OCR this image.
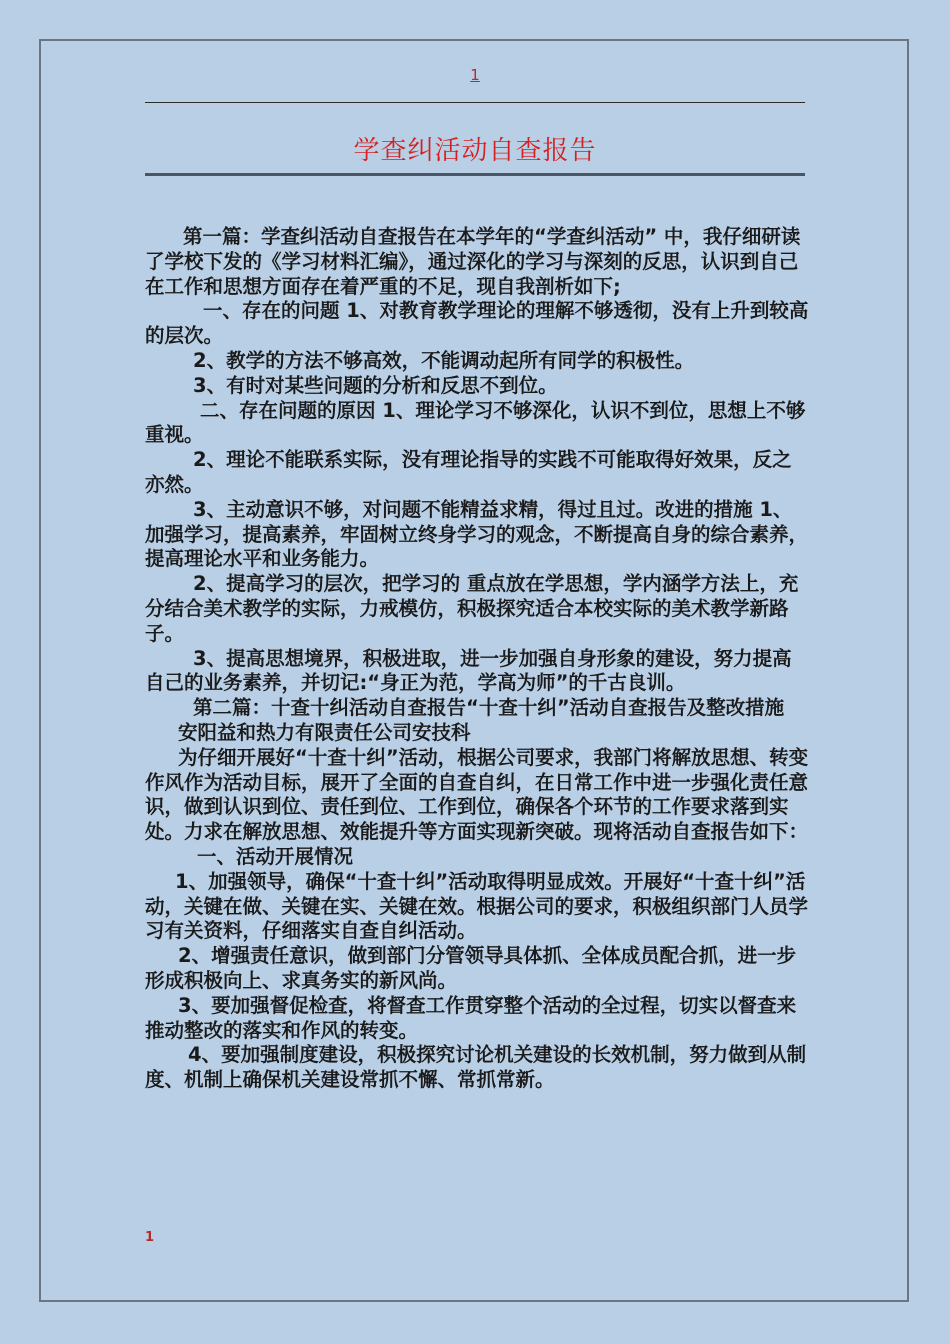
1
学查纠活动自查报告

第一篇：学查纠活动自查报告在本学年的“学查纠活动” 中，我仔细研读了学校下发的《学习材料汇编》，通过深化的学习与深刻的反思，认识到自己在工作和思想方面存在着严重的不足，现自我剖析如下;

一、存在的问题 1、对教育教学理论的理解不够透彻，没有上升到较高的层次。

2、教学的方法不够高效，不能调动起所有同学的积极性。

3、有时对某些问题的分析和反思不到位。

二、存在问题的原因 1、理论学习不够深化，认识不到位，思想上不够重视。

2、理论不能联系实际，没有理论指导的实践不可能取得好效果，反之亦然。

3、主动意识不够，对问题不能精益求精，得过且过。改进的措施 1、加强学习，提高素养，牢固树立终身学习的观念，不断提高自身的综合素养，提高理论水平和业务能力。

2、提高学习的层次，把学习的 重点放在学思想，学内涵学方法上，充分结合美术教学的实际，力戒模仿，积极探究适合本校实际的美术教学新路子。

3、提高思想境界，积极进取，进一步加强自身形象的建设，努力提高自己的业务素养，并切记:“身正为范，学高为师”的千古良训。

第二篇：十查十纠活动自查报告“十查十纠”活动自查报告及整改措施

安阳益和热力有限责任公司安技科

为仔细开展好“十查十纠”活动，根据公司要求，我部门将解放思想、转变作风作为活动目标，展开了全面的自查自纠，在日常工作中进一步强化责任意识，做到认识到位、责任到位、工作到位，确保各个环节的工作要求落到实处。力求在解放思想、效能提升等方面实现新突破。现将活动自查报告如下：

一、活动开展情况

1、加强领导，确保“十查十纠”活动取得明显成效。开展好“十查十纠”活动，关键在做、关键在实、关键在效。根据公司的要求，积极组织部门人员学习有关资料，仔细落实自查自纠活动。

2、增强责任意识，做到部门分管领导具体抓、全体成员配合抓，进一步形成积极向上、求真务实的新风尚。

3、要加强督促检查，将督查工作贯穿整个活动的全过程，切实以督查来推动整改的落实和作风的转变。

4、要加强制度建设，积极探究讨论机关建设的长效机制，努力做到从制度、机制上确保机关建设常抓不懈、常抓常新。

1
